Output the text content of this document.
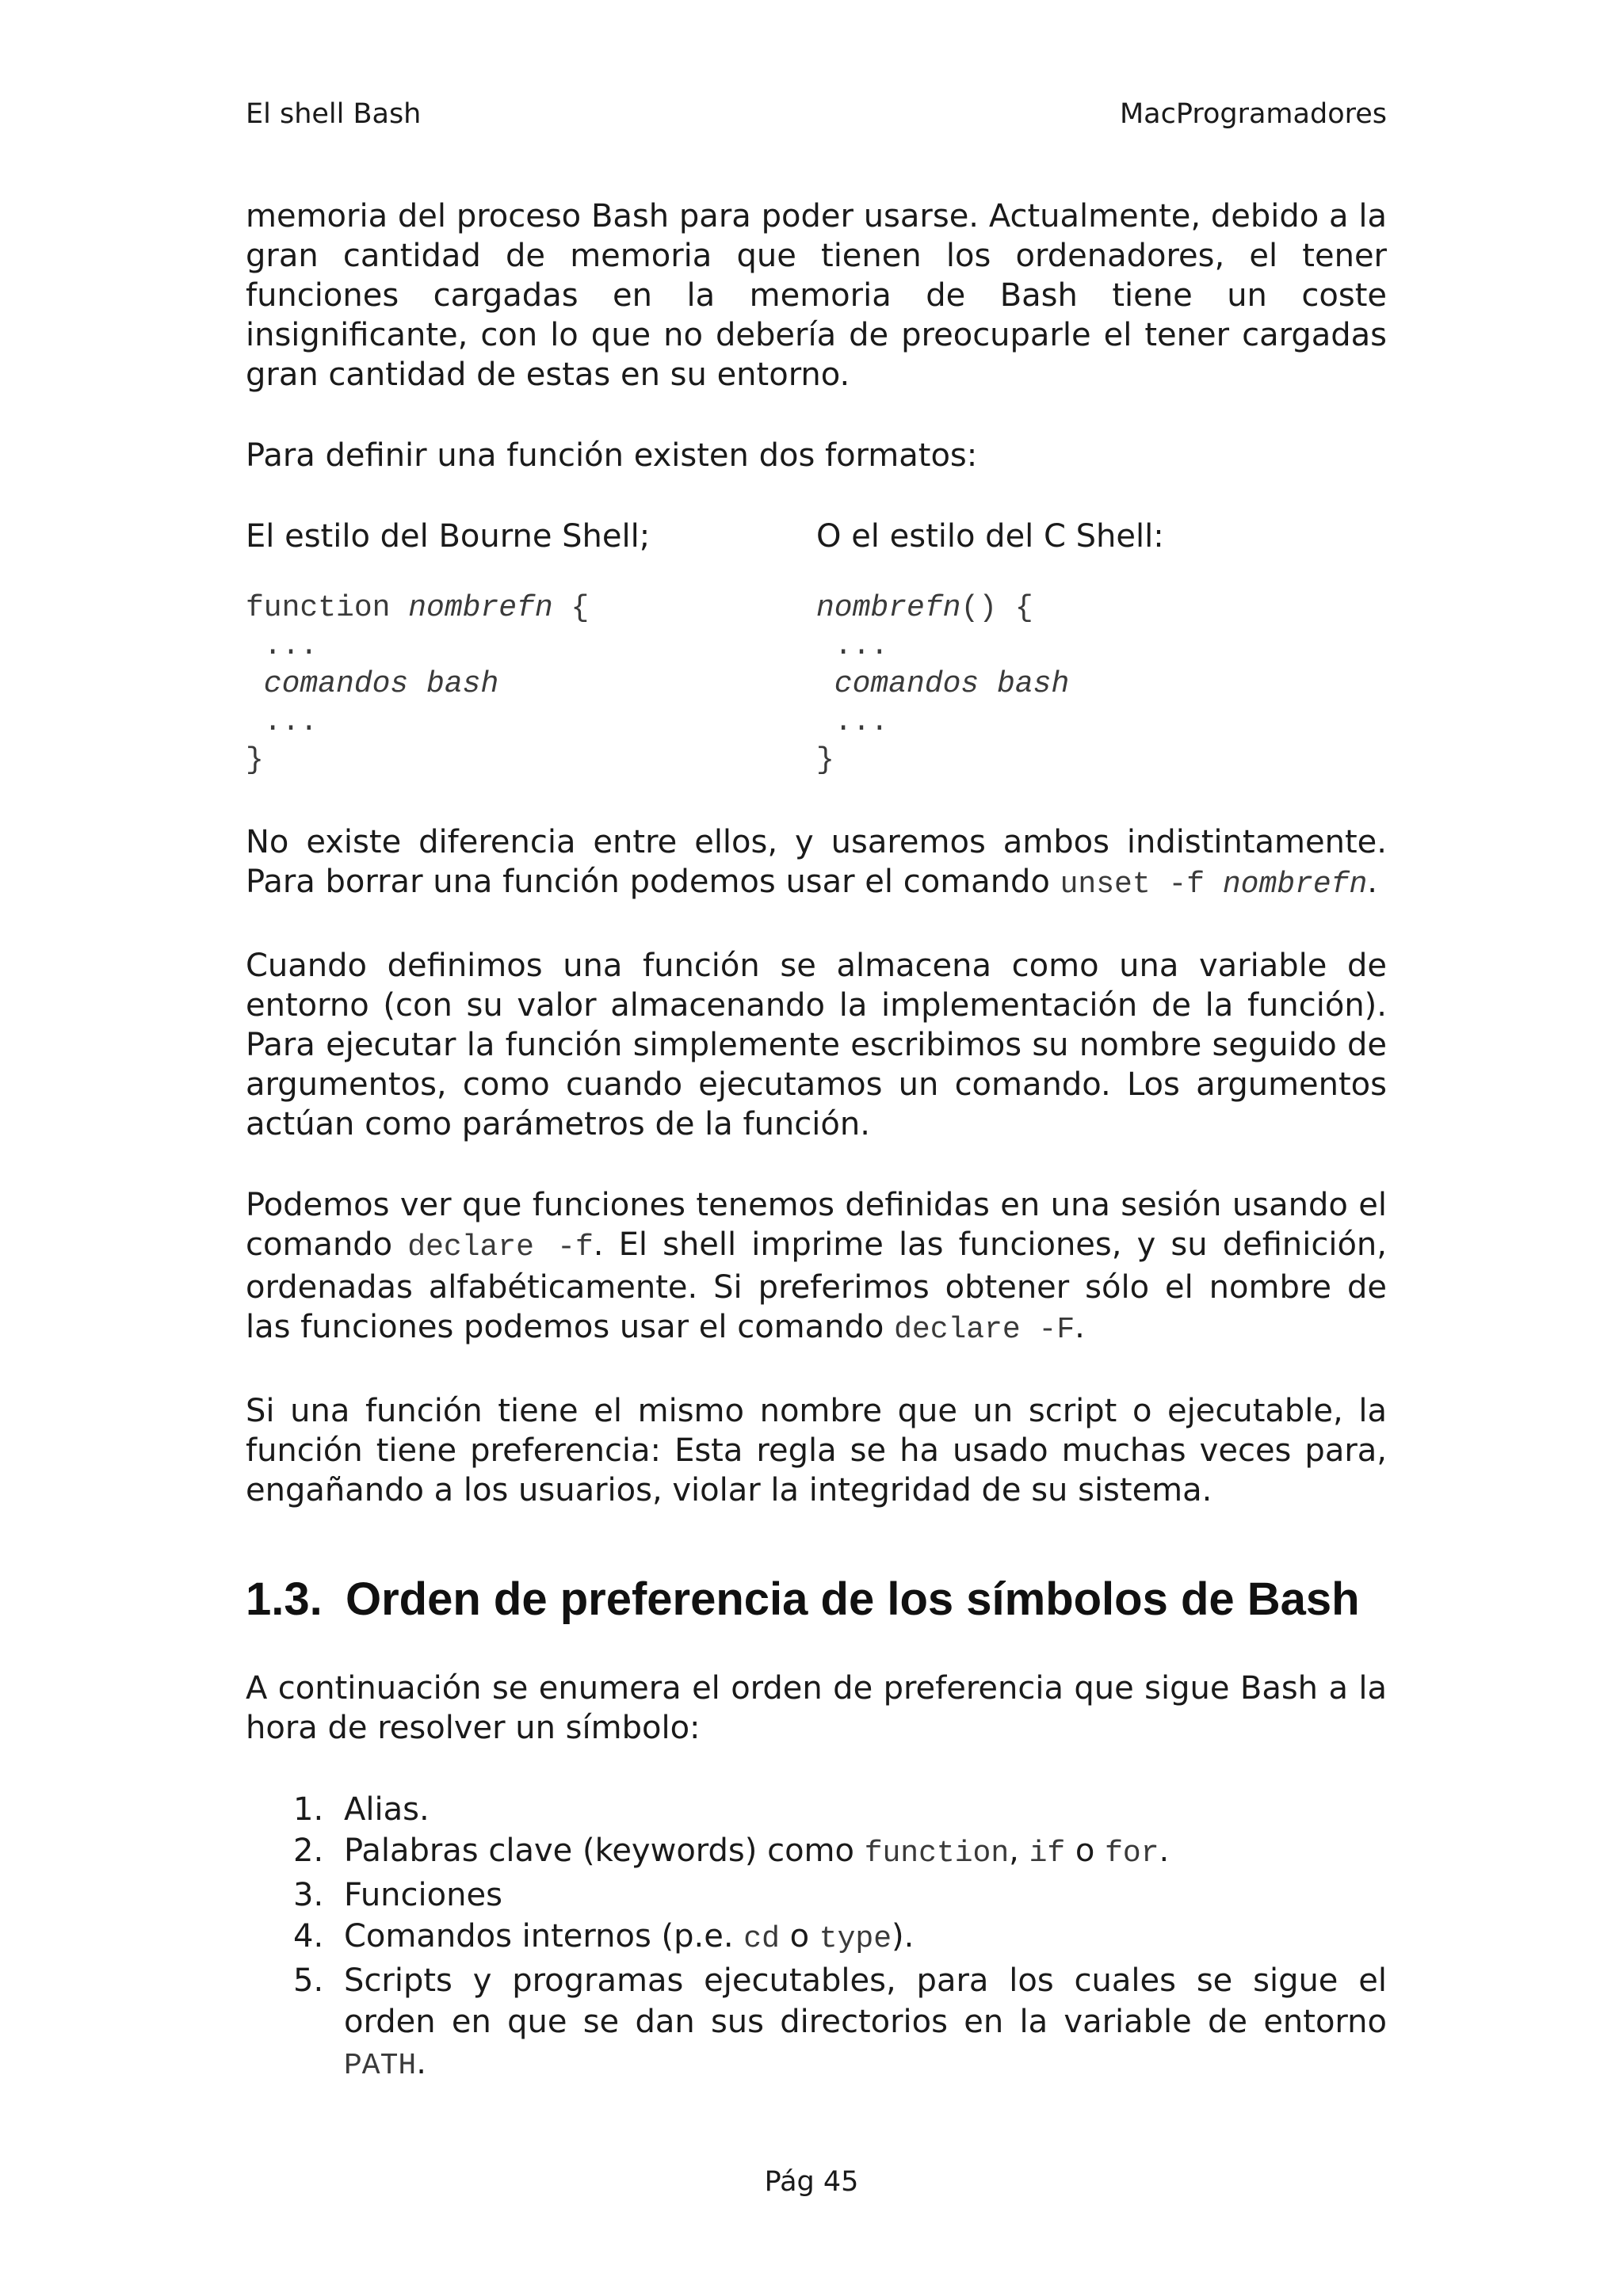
El shell Bash	MacProgramadores

memoria del proceso Bash para poder usarse. Actualmente, debido a la gran cantidad de memoria que tienen los ordenadores, el tener funciones cargadas en la memoria de Bash tiene un coste insignificante, con lo que no debería de preocuparle el tener cargadas gran cantidad de estas en su entorno.

Para definir una función existen dos formatos:

El estilo del Bourne Shell;	O el estilo del C Shell:
function nombrefn {
...
comandos bash
...
}
nombrefn() {
...
comandos bash
...
}

No existe diferencia entre ellos, y usaremos ambos indistintamente. Para borrar una función podemos usar el comando unset -f nombrefn.

Cuando definimos una función se almacena como una variable de entorno (con su valor almacenando la implementación de la función). Para ejecutar la función simplemente escribimos su nombre seguido de argumentos, como cuando ejecutamos un comando. Los argumentos actúan como parámetros de la función.

Podemos ver que funciones tenemos definidas en una sesión usando el comando declare -f. El shell imprime las funciones, y su definición, ordenadas alfabéticamente. Si preferimos obtener sólo el nombre de las funciones podemos usar el comando declare -F.

Si una función tiene el mismo nombre que un script o ejecutable, la función tiene preferencia: Esta regla se ha usado muchas veces para, engañando a los usuarios, violar la integridad de su sistema.

1.3. Orden de preferencia de los símbolos de Bash

A continuación se enumera el orden de preferencia que sigue Bash a la hora de resolver un símbolo:

1. Alias.
2. Palabras clave (keywords) como function, if o for.
3. Funciones
4. Comandos internos (p.e. cd o type).
5. Scripts y programas ejecutables, para los cuales se sigue el orden en que se dan sus directorios en la variable de entorno PATH.
Pág 45
